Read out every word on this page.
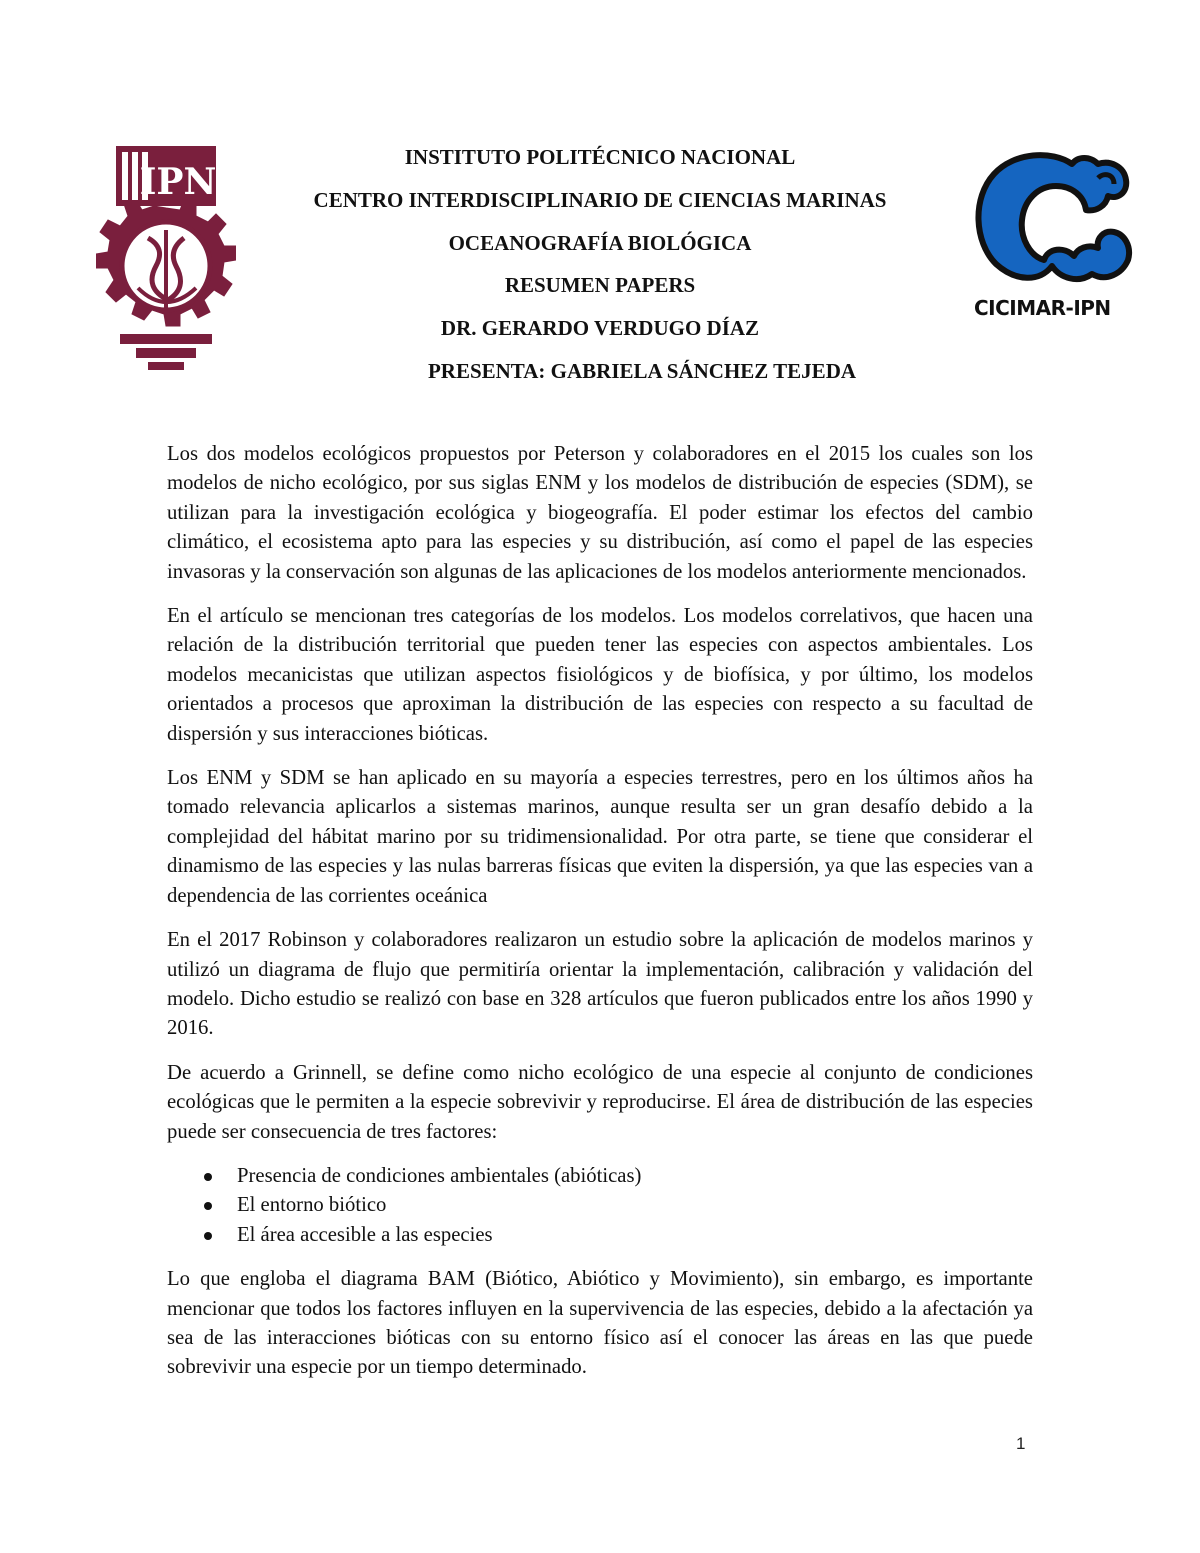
IPN
CICIMAR-IPN
INSTITUTO POLITÉCNICO NACIONAL
CENTRO INTERDISCIPLINARIO DE CIENCIAS MARINAS
OCEANOGRAFÍA BIOLÓGICA
RESUMEN PAPERS
DR. GERARDO VERDUGO DÍAZ
PRESENTA: GABRIELA SÁNCHEZ TEJEDA

Los dos modelos ecológicos propuestos por Peterson y colaboradores en el 2015 los cuales son los modelos de nicho ecológico, por sus siglas ENM y los modelos de distribución de especies (SDM), se utilizan para la investigación ecológica y biogeografía. El poder estimar los efectos del cambio climático, el ecosistema apto para las especies y su distribución, así como el papel de las especies invasoras y la conservación son algunas de las aplicaciones de los modelos anteriormente mencionados.

En el artículo se mencionan tres categorías de los modelos. Los modelos correlativos, que hacen una relación de la distribución territorial que pueden tener las especies con aspectos ambientales. Los modelos mecanicistas que utilizan aspectos fisiológicos y de biofísica, y por último, los modelos orientados a procesos que aproximan la distribución de las especies con respecto a su facultad de dispersión y sus interacciones bióticas.

Los ENM y SDM se han aplicado en su mayoría a especies terrestres, pero en los últimos años ha tomado relevancia aplicarlos a sistemas marinos, aunque resulta ser un gran desafío debido a la complejidad del hábitat marino por su tridimensionalidad. Por otra parte, se tiene que considerar el dinamismo de las especies y las nulas barreras físicas que eviten la dispersión, ya que las especies van a dependencia de las corrientes oceánica

En el 2017 Robinson y colaboradores realizaron un estudio sobre la aplicación de modelos marinos y utilizó un diagrama de flujo que permitiría orientar la implementación, calibración y validación del modelo. Dicho estudio se realizó con base en 328 artículos que fueron publicados entre los años 1990 y 2016.

De acuerdo a Grinnell, se define como nicho ecológico de una especie al conjunto de condiciones ecológicas que le permiten a la especie sobrevivir y reproducirse. El área de distribución de las especies puede ser consecuencia de tres factores:

Presencia de condiciones ambientales (abióticas)
El entorno biótico
El área accesible a las especies

Lo que engloba el diagrama BAM (Biótico, Abiótico y Movimiento), sin embargo, es importante mencionar que todos los factores influyen en la supervivencia de las especies, debido a la afectación ya sea de las interacciones bióticas con su entorno físico así el conocer las áreas en las que puede sobrevivir una especie por un tiempo determinado.

1
